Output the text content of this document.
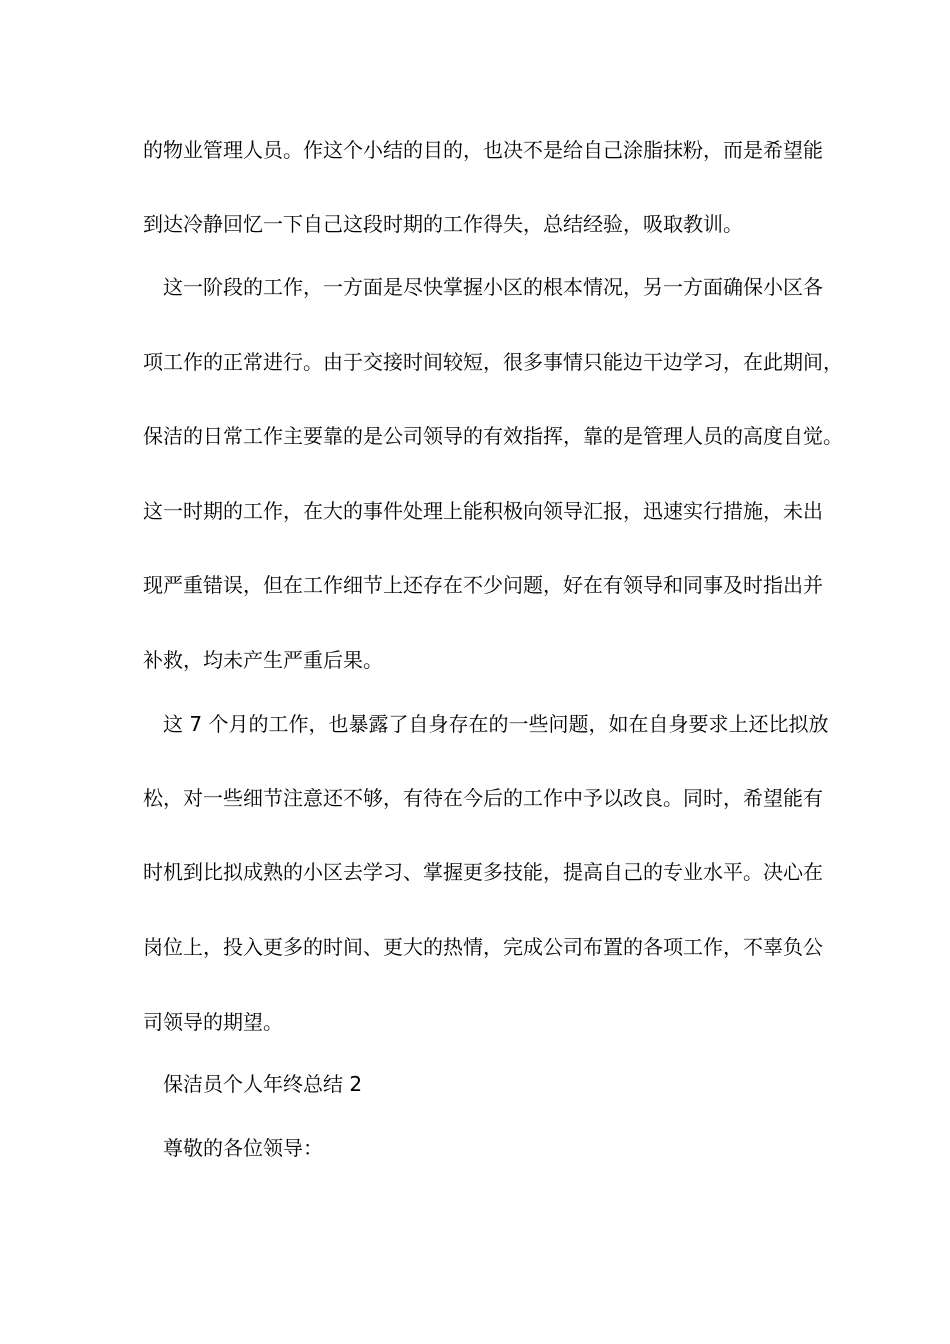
的物业管理人员。作这个小结的目的，也决不是给自己涂脂抹粉，而是希望能
到达冷静回忆一下自己这段时期的工作得失，总结经验，吸取教训。
这一阶段的工作，一方面是尽快掌握小区的根本情况，另一方面确保小区各
项工作的正常进行。由于交接时间较短，很多事情只能边干边学习，在此期间，
保洁的日常工作主要靠的是公司领导的有效指挥，靠的是管理人员的高度自觉。
这一时期的工作，在大的事件处理上能积极向领导汇报，迅速实行措施，未出
现严重错误，但在工作细节上还存在不少问题，好在有领导和同事及时指出并
补救，均未产生严重后果。
这 7 个月的工作，也暴露了自身存在的一些问题，如在自身要求上还比拟放
松，对一些细节注意还不够，有待在今后的工作中予以改良。同时，希望能有
时机到比拟成熟的小区去学习、掌握更多技能，提高自己的专业水平。决心在
岗位上，投入更多的时间、更大的热情，完成公司布置的各项工作，不辜负公
司领导的期望。
保洁员个人年终总结 2
尊敬的各位领导：
